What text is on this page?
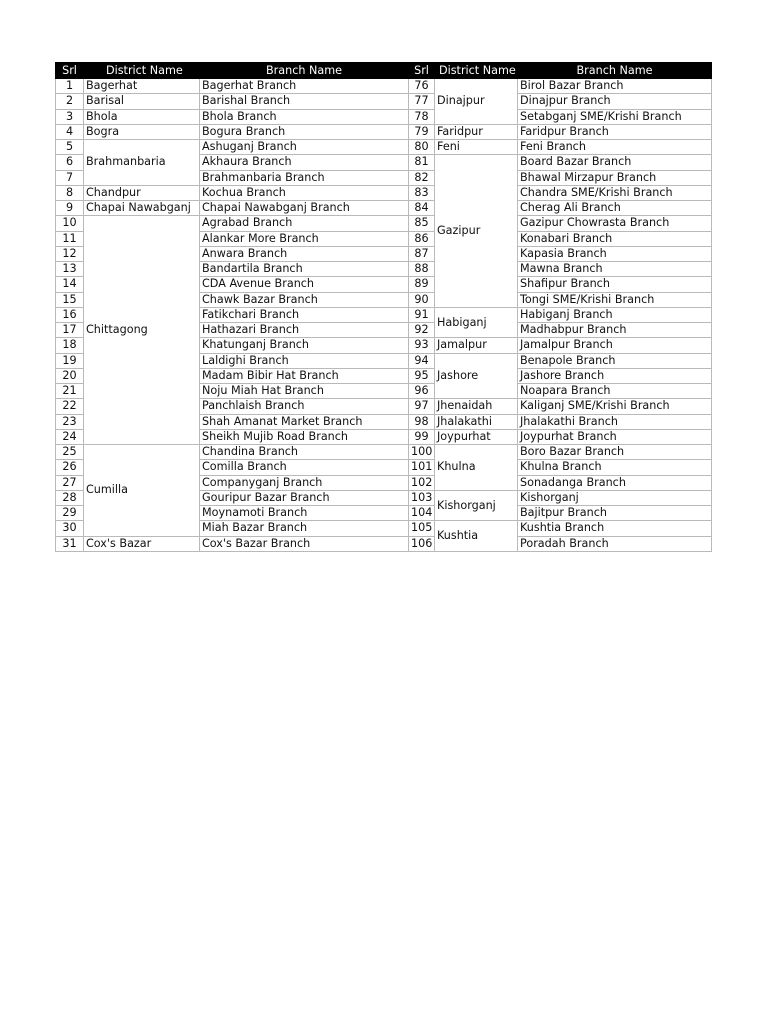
Srl	District Name	Branch Name	Srl	District Name	Branch Name
1	Bagerhat	Bagerhat Branch	76	Dinajpur	Birol Bazar Branch
2	Barisal	Barishal Branch	77		Dinajpur Branch
3	Bhola	Bhola Branch	78		Setabganj SME/Krishi Branch
4	Bogra	Bogura Branch	79	Faridpur	Faridpur Branch
5	Brahmanbaria	Ashuganj Branch	80	Feni	Feni Branch
6		Akhaura Branch	81	Gazipur	Board Bazar Branch
7		Brahmanbaria Branch	82		Bhawal Mirzapur Branch
8	Chandpur	Kochua Branch	83		Chandra SME/Krishi Branch
9	Chapai Nawabganj	Chapai Nawabganj Branch	84		Cherag Ali Branch
10	Chittagong	Agrabad Branch	85		Gazipur Chowrasta Branch
11		Alankar More Branch	86		Konabari Branch
12		Anwara Branch	87		Kapasia Branch
13		Bandartila Branch	88		Mawna Branch
14		CDA Avenue Branch	89		Shafipur Branch
15		Chawk Bazar Branch	90		Tongi SME/Krishi Branch
16		Fatikchari Branch	91	Habiganj	Habiganj Branch
17		Hathazari Branch	92		Madhabpur Branch
18		Khatunganj Branch	93	Jamalpur	Jamalpur Branch
19		Laldighi Branch	94	Jashore	Benapole Branch
20		Madam Bibir Hat Branch	95		Jashore Branch
21		Noju Miah Hat Branch	96		Noapara Branch
22		Panchlaish Branch	97	Jhenaidah	Kaliganj SME/Krishi Branch
23		Shah Amanat Market Branch	98	Jhalakathi	Jhalakathi Branch
24		Sheikh Mujib Road Branch	99	Joypurhat	Joypurhat Branch
25	Cumilla	Chandina Branch	100	Khulna	Boro Bazar Branch
26		Comilla Branch	101		Khulna Branch
27		Companyganj Branch	102		Sonadanga Branch
28		Gouripur Bazar Branch	103	Kishorganj	Kishorganj
29		Moynamoti Branch	104		Bajitpur Branch
30		Miah Bazar Branch	105	Kushtia	Kushtia Branch
31	Cox's Bazar	Cox's Bazar Branch	106		Poradah Branch
